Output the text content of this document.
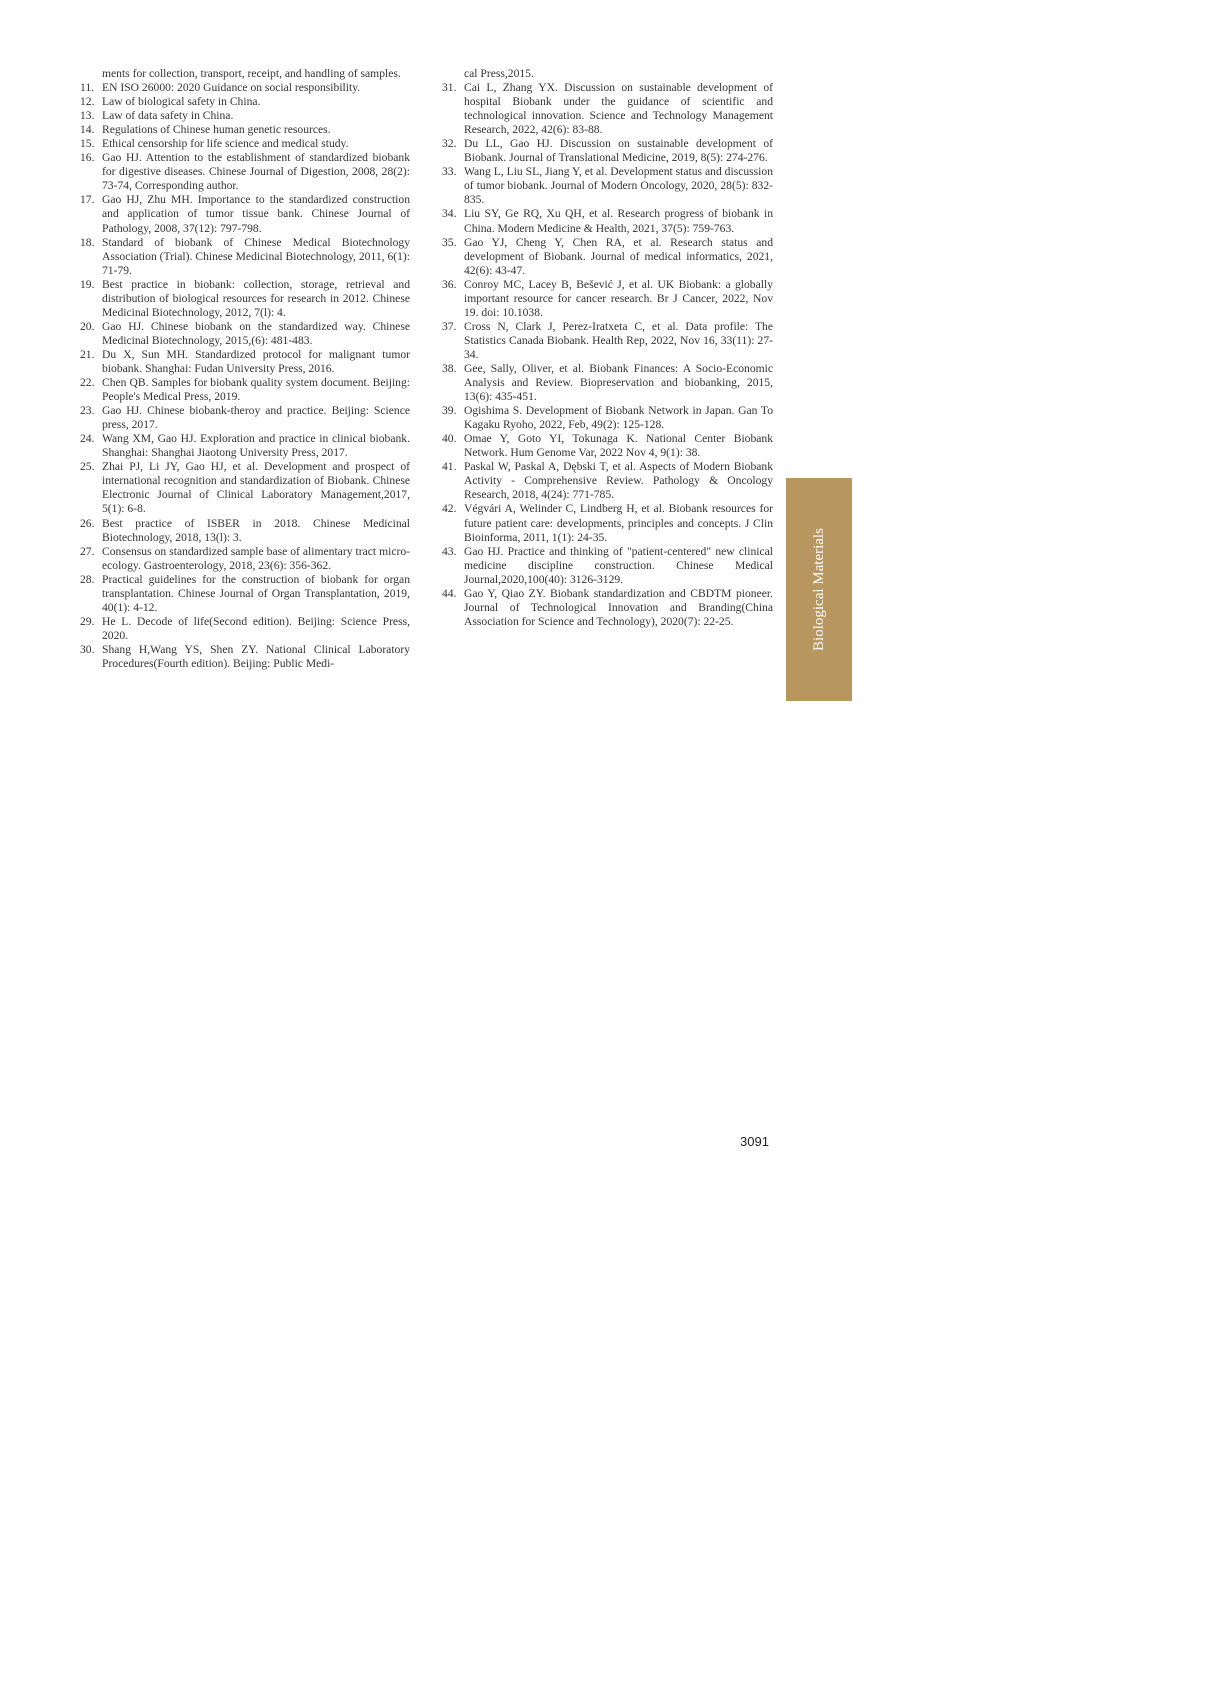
ments for collection, transport, receipt, and handling of samples.
11. EN ISO 26000: 2020 Guidance on social responsibility.
12. Law of biological safety in China.
13. Law of data safety in China.
14. Regulations of Chinese human genetic resources.
15. Ethical censorship for life science and medical study.
16. Gao HJ. Attention to the establishment of standardized biobank for digestive diseases. Chinese Journal of Digestion, 2008, 28(2): 73-74, Corresponding author.
17. Gao HJ, Zhu MH. Importance to the standardized construction and application of tumor tissue bank. Chinese Journal of Pathology, 2008, 37(12): 797-798.
18. Standard of biobank of Chinese Medical Biotechnology Association (Trial). Chinese Medicinal Biotechnology, 2011, 6(1): 71-79.
19. Best practice in biobank: collection, storage, retrieval and distribution of biological resources for research in 2012. Chinese Medicinal Biotechnology, 2012, 7(l): 4.
20. Gao HJ. Chinese biobank on the standardized way. Chinese Medicinal Biotechnology, 2015,(6): 481-483.
21. Du X, Sun MH. Standardized protocol for malignant tumor biobank. Shanghai: Fudan University Press, 2016.
22. Chen QB. Samples for biobank quality system document. Beijing: People's Medical Press, 2019.
23. Gao HJ. Chinese biobank-theroy and practice. Beijing: Science press, 2017.
24. Wang XM, Gao HJ. Exploration and practice in clinical biobank. Shanghai: Shanghai Jiaotong University Press, 2017.
25. Zhai PJ, Li JY, Gao HJ, et al. Development and prospect of international recognition and standardization of Biobank. Chinese Electronic Journal of Clinical Laboratory Management,2017, 5(1): 6-8.
26. Best practice of ISBER in 2018. Chinese Medicinal Biotechnology, 2018, 13(l): 3.
27. Consensus on standardized sample base of alimentary tract micro-ecology. Gastroenterology, 2018, 23(6): 356-362.
28. Practical guidelines for the construction of biobank for organ transplantation. Chinese Journal of Organ Transplantation, 2019, 40(1): 4-12.
29. He L. Decode of life(Second edition). Beijing: Science Press, 2020.
30. Shang H,Wang YS, Shen ZY. National Clinical Laboratory Procedures(Fourth edition). Beijing: Public Medi-
cal Press,2015.
31. Cai L, Zhang YX. Discussion on sustainable development of hospital Biobank under the guidance of scientific and technological innovation. Science and Technology Management Research, 2022, 42(6): 83-88.
32. Du LL, Gao HJ. Discussion on sustainable development of Biobank. Journal of Translational Medicine, 2019, 8(5): 274-276.
33. Wang L, Liu SL, Jiang Y, et al. Development status and discussion of tumor biobank. Journal of Modern Oncology, 2020, 28(5): 832-835.
34. Liu SY, Ge RQ, Xu QH, et al. Research progress of biobank in China. Modern Medicine & Health, 2021, 37(5): 759-763.
35. Gao YJ, Cheng Y, Chen RA, et al. Research status and development of Biobank. Journal of medical informatics, 2021, 42(6): 43-47.
36. Conroy MC, Lacey B, Bešević J, et al. UK Biobank: a globally important resource for cancer research. Br J Cancer, 2022, Nov 19. doi: 10.1038.
37. Cross N, Clark J, Perez-Iratxeta C, et al. Data profile: The Statistics Canada Biobank. Health Rep, 2022, Nov 16, 33(11): 27-34.
38. Gee, Sally, Oliver, et al. Biobank Finances: A Socio-Economic Analysis and Review. Biopreservation and biobanking, 2015, 13(6): 435-451.
39. Ogishima S. Development of Biobank Network in Japan. Gan To Kagaku Ryoho, 2022, Feb, 49(2): 125-128.
40. Omae Y, Goto YI, Tokunaga K. National Center Biobank Network. Hum Genome Var, 2022 Nov 4, 9(1): 38.
41. Paskal W, Paskal A, Dębski T, et al. Aspects of Modern Biobank Activity - Comprehensive Review. Pathology & Oncology Research, 2018, 4(24): 771-785.
42. Végvári A, Welinder C, Lindberg H, et al. Biobank resources for future patient care: developments, principles and concepts. J Clin Bioinforma, 2011, 1(1): 24-35.
43. Gao HJ. Practice and thinking of "patient-centered" new clinical medicine discipline construction. Chinese Medical Journal,2020,100(40): 3126-3129.
44. Gao Y, Qiao ZY. Biobank standardization and CBDTM pioneer. Journal of Technological Innovation and Branding(China Association for Science and Technology), 2020(7): 22-25.	Biological Materials
3091
